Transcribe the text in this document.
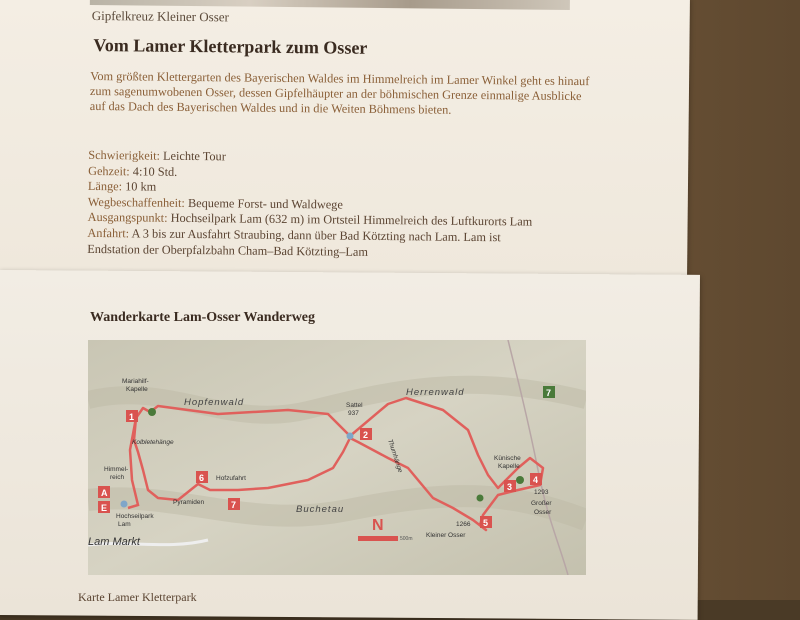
Gipfelkreuz Kleiner Osser
Vom Lamer Kletterpark zum Osser

Vom größten Klettergarten des Bayerischen Waldes im Himmelreich im Lamer Winkel geht es hinauf zum sagenumwobenen Osser, dessen Gipfelhäupter an der böhmischen Grenze einmalige Ausblicke auf das Dach des Bayerischen Waldes und in die Weiten Böhmens bieten.

Schwierigkeit: Leichte Tour
Gehzeit: 4:10 Std.
Länge: 10 km
Wegbeschaffenheit: Bequeme Forst- und Waldwege
Ausgangspunkt: Hochseilpark Lam (632 m) im Ortsteil Himmelreich des Luftkurorts Lam
Anfahrt: A 3 bis zur Ausfahrt Straubing, dann über Bad Kötzting nach Lam. Lam ist
Endstation der Oberpfalzbahn Cham–Bad Kötzting–Lam
Wanderkarte Lam-Osser Wanderweg
Hopfenwald
Herrenwald
Buchetau
Lam Markt
Mariahilf-
Kapelle
Kolbletehänge
Himmel-
reich
Hochseilpark
Lam
Hofzufahrt
Pyramiden
Sattel
937
Thumhänge	Künische
Kapelle
1293
Großer
Osser
1266
Kleiner Osser
N
500m
7
1
2
3
4
5
6
7
A
E
Karte Lamer Kletterpark
